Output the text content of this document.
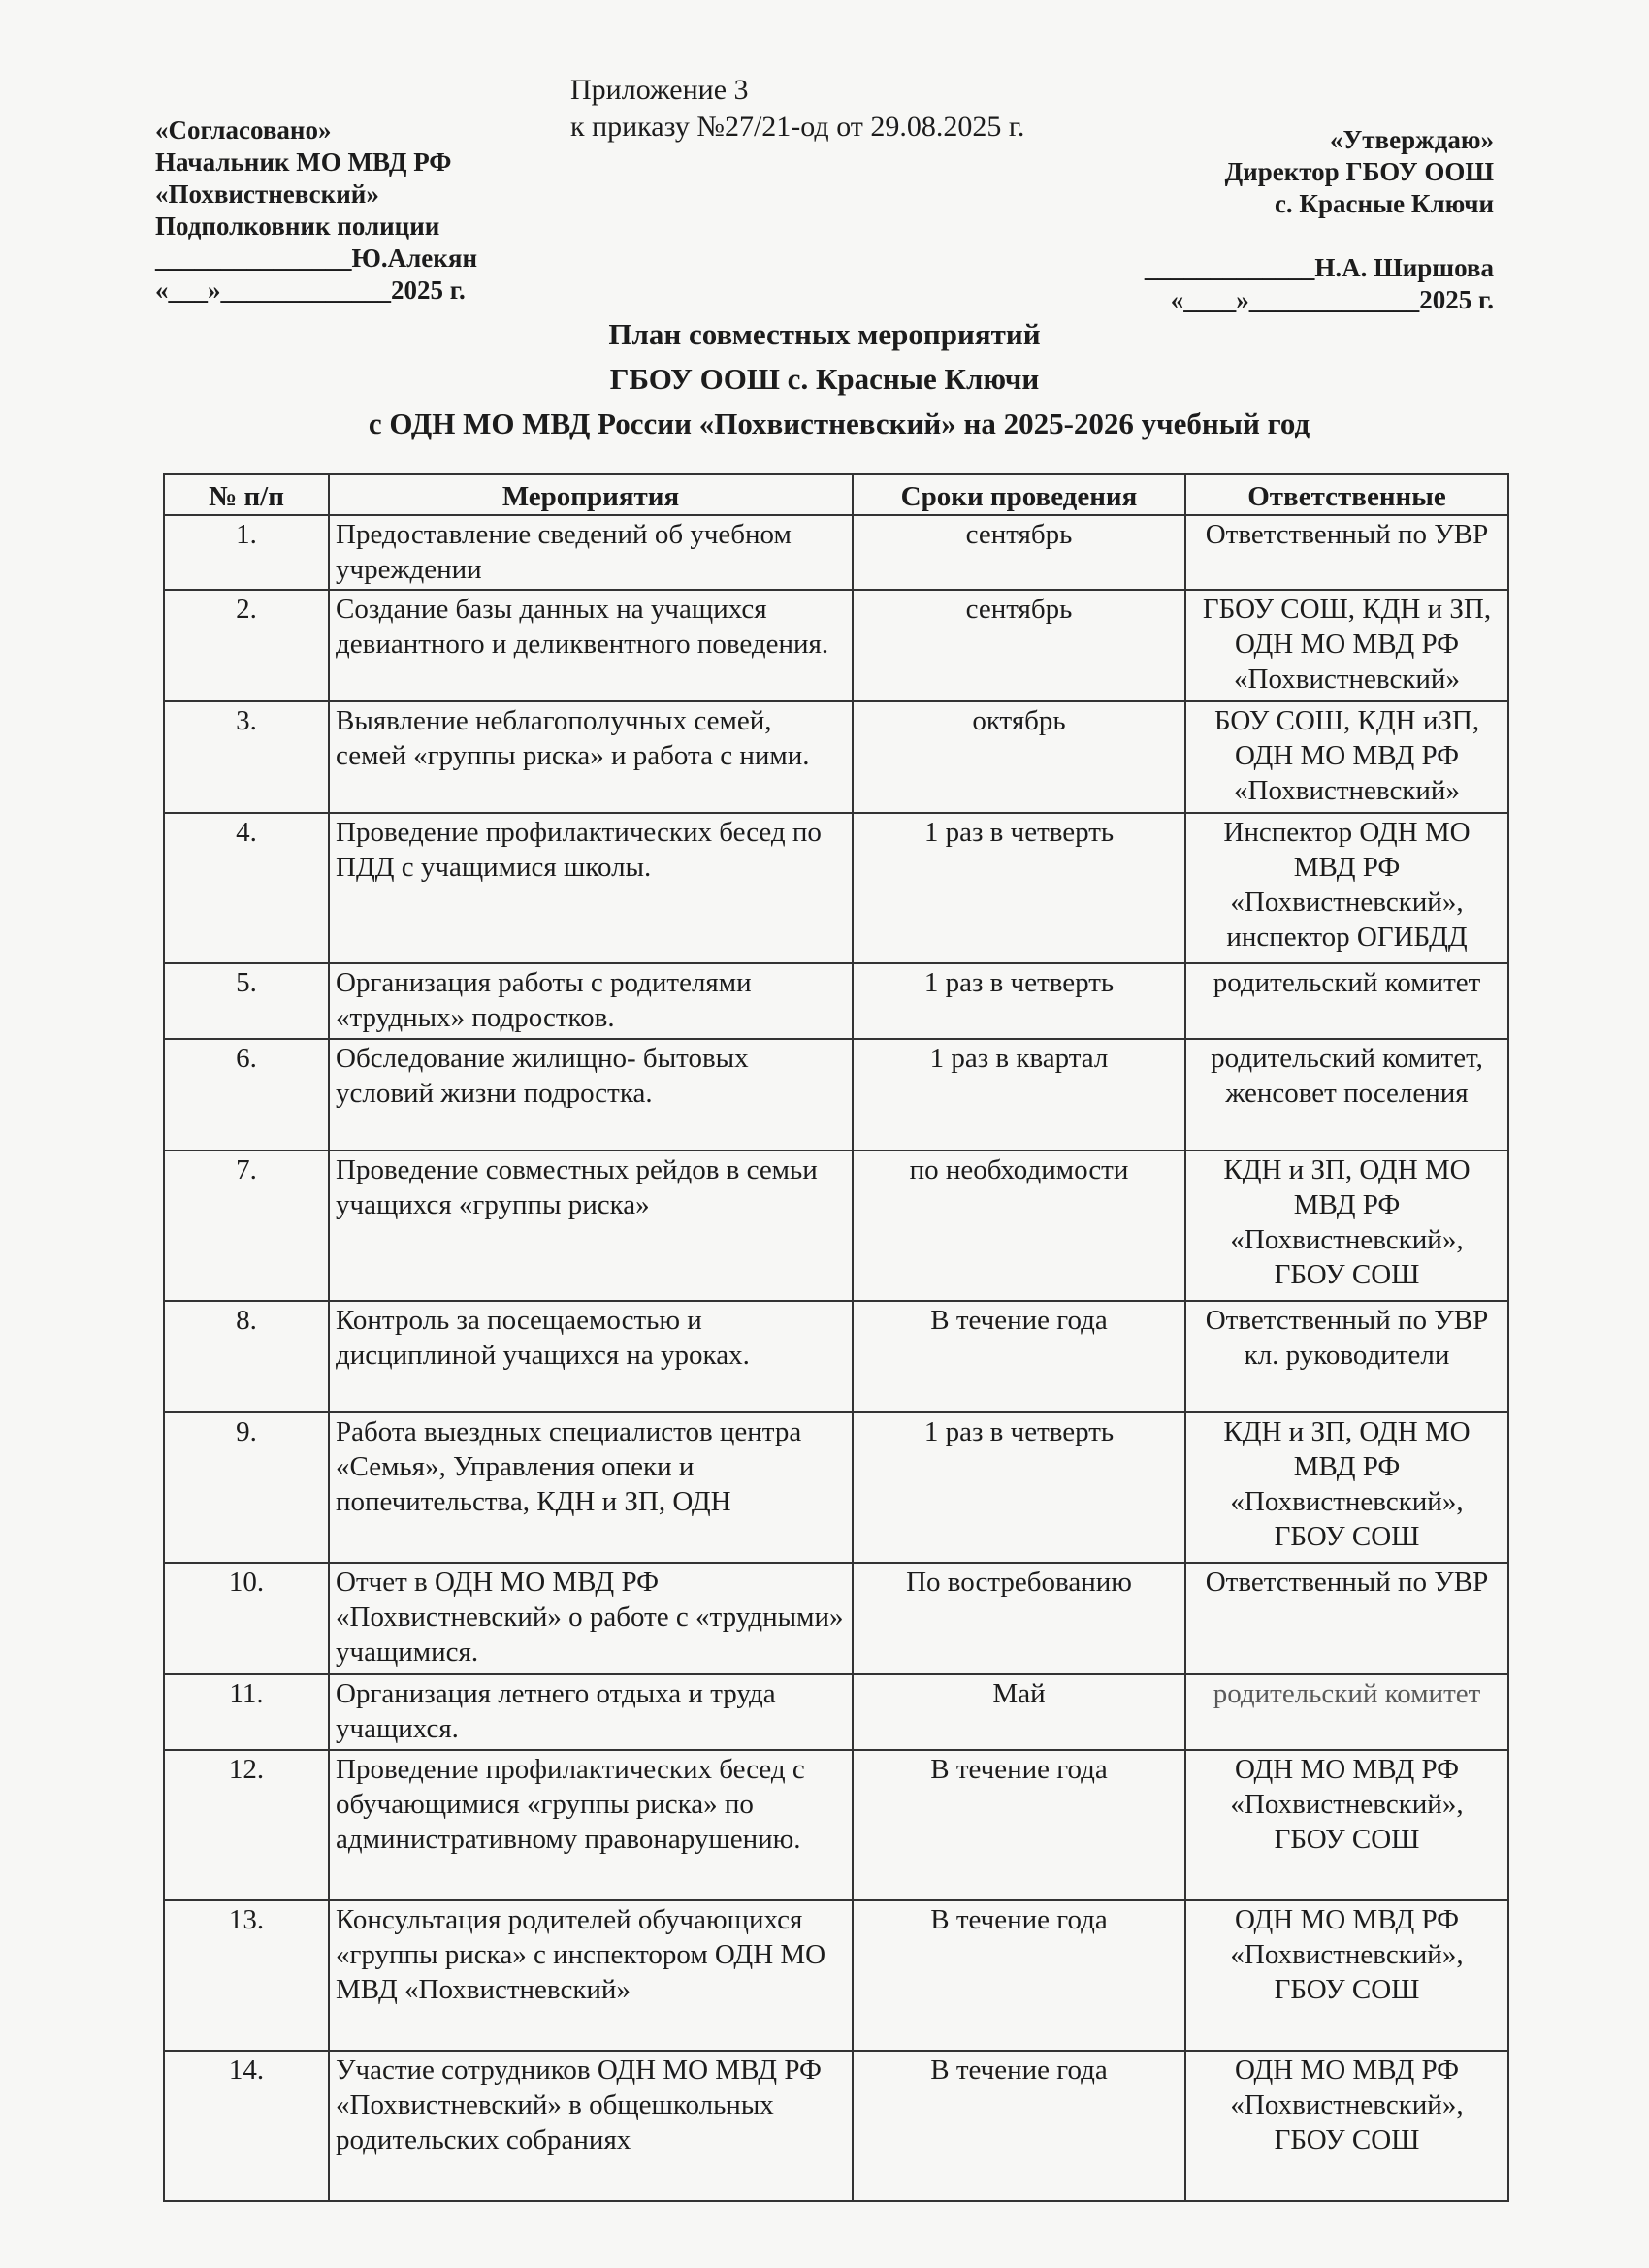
Приложение 3
к приказу №27/21-од от 29.08.2025 г.
«Согласовано»
Начальник МО МВД РФ
«Похвистневский»
Подполковник полиции
_______________Ю.Алекян
«___»_____________2025 г.
«Утверждаю»
Директор ГБОУ ООШ
с. Красные Ключи
_____________Н.А. Ширшова
«____»_____________2025 г.
План совместных мероприятий
ГБОУ ООШ с. Красные Ключи
с ОДН МО МВД России «Похвистневский» на 2025-2026 учебный год
№ п/п	Мероприятия	Сроки проведения	Ответственные
1.	Предоставление сведений об учебном учреждении	сентябрь	Ответственный по УВР
2.	Создание базы данных на учащихся девиантного и деликвентного поведения.	сентябрь	ГБОУ СОШ, КДН и ЗП, ОДН МО МВД РФ «Похвистневский»
3.	Выявление неблагополучных семей, семей «группы риска» и работа с ними.	октябрь	БОУ СОШ, КДН иЗП, ОДН МО МВД РФ «Похвистневский»
4.	Проведение профилактических бесед по ПДД с учащимися школы.	1 раз в четверть	Инспектор ОДН МО МВД РФ «Похвистневский», инспектор ОГИБДД
5.	Организация работы с родителями «трудных» подростков.	1 раз в четверть	родительский комитет
6.	Обследование жилищно- бытовых условий жизни подростка.	1 раз в квартал	родительский комитет, женсовет поселения
7.	Проведение совместных рейдов в семьи учащихся «группы риска»	по необходимости	КДН и ЗП, ОДН МО МВД РФ «Похвистневский», ГБОУ СОШ
8.	Контроль за посещаемостью и дисциплиной учащихся на уроках.	В течение года	Ответственный по УВР кл. руководители
9.	Работа выездных специалистов центра «Семья», Управления опеки и попечительства, КДН и ЗП, ОДН	1 раз в четверть	КДН и ЗП, ОДН МО МВД РФ «Похвистневский», ГБОУ СОШ
10.	Отчет в ОДН МО МВД РФ «Похвистневский» о работе с «трудными» учащимися.	По востребованию	Ответственный по УВР
11.	Организация летнего отдыха и труда учащихся.	Май	родительский комитет
12.	Проведение профилактических бесед с обучающимися «группы риска» по административному правонарушению.	В течение года	ОДН МО МВД РФ «Похвистневский», ГБОУ СОШ
13.	Консультация родителей обучающихся «группы риска» с инспектором ОДН МО МВД «Похвистневский»	В течение года	ОДН МО МВД РФ «Похвистневский», ГБОУ СОШ
14.	Участие сотрудников ОДН МО МВД РФ «Похвистневский» в общешкольных родительских собраниях	В течение года	ОДН МО МВД РФ «Похвистневский», ГБОУ СОШ
